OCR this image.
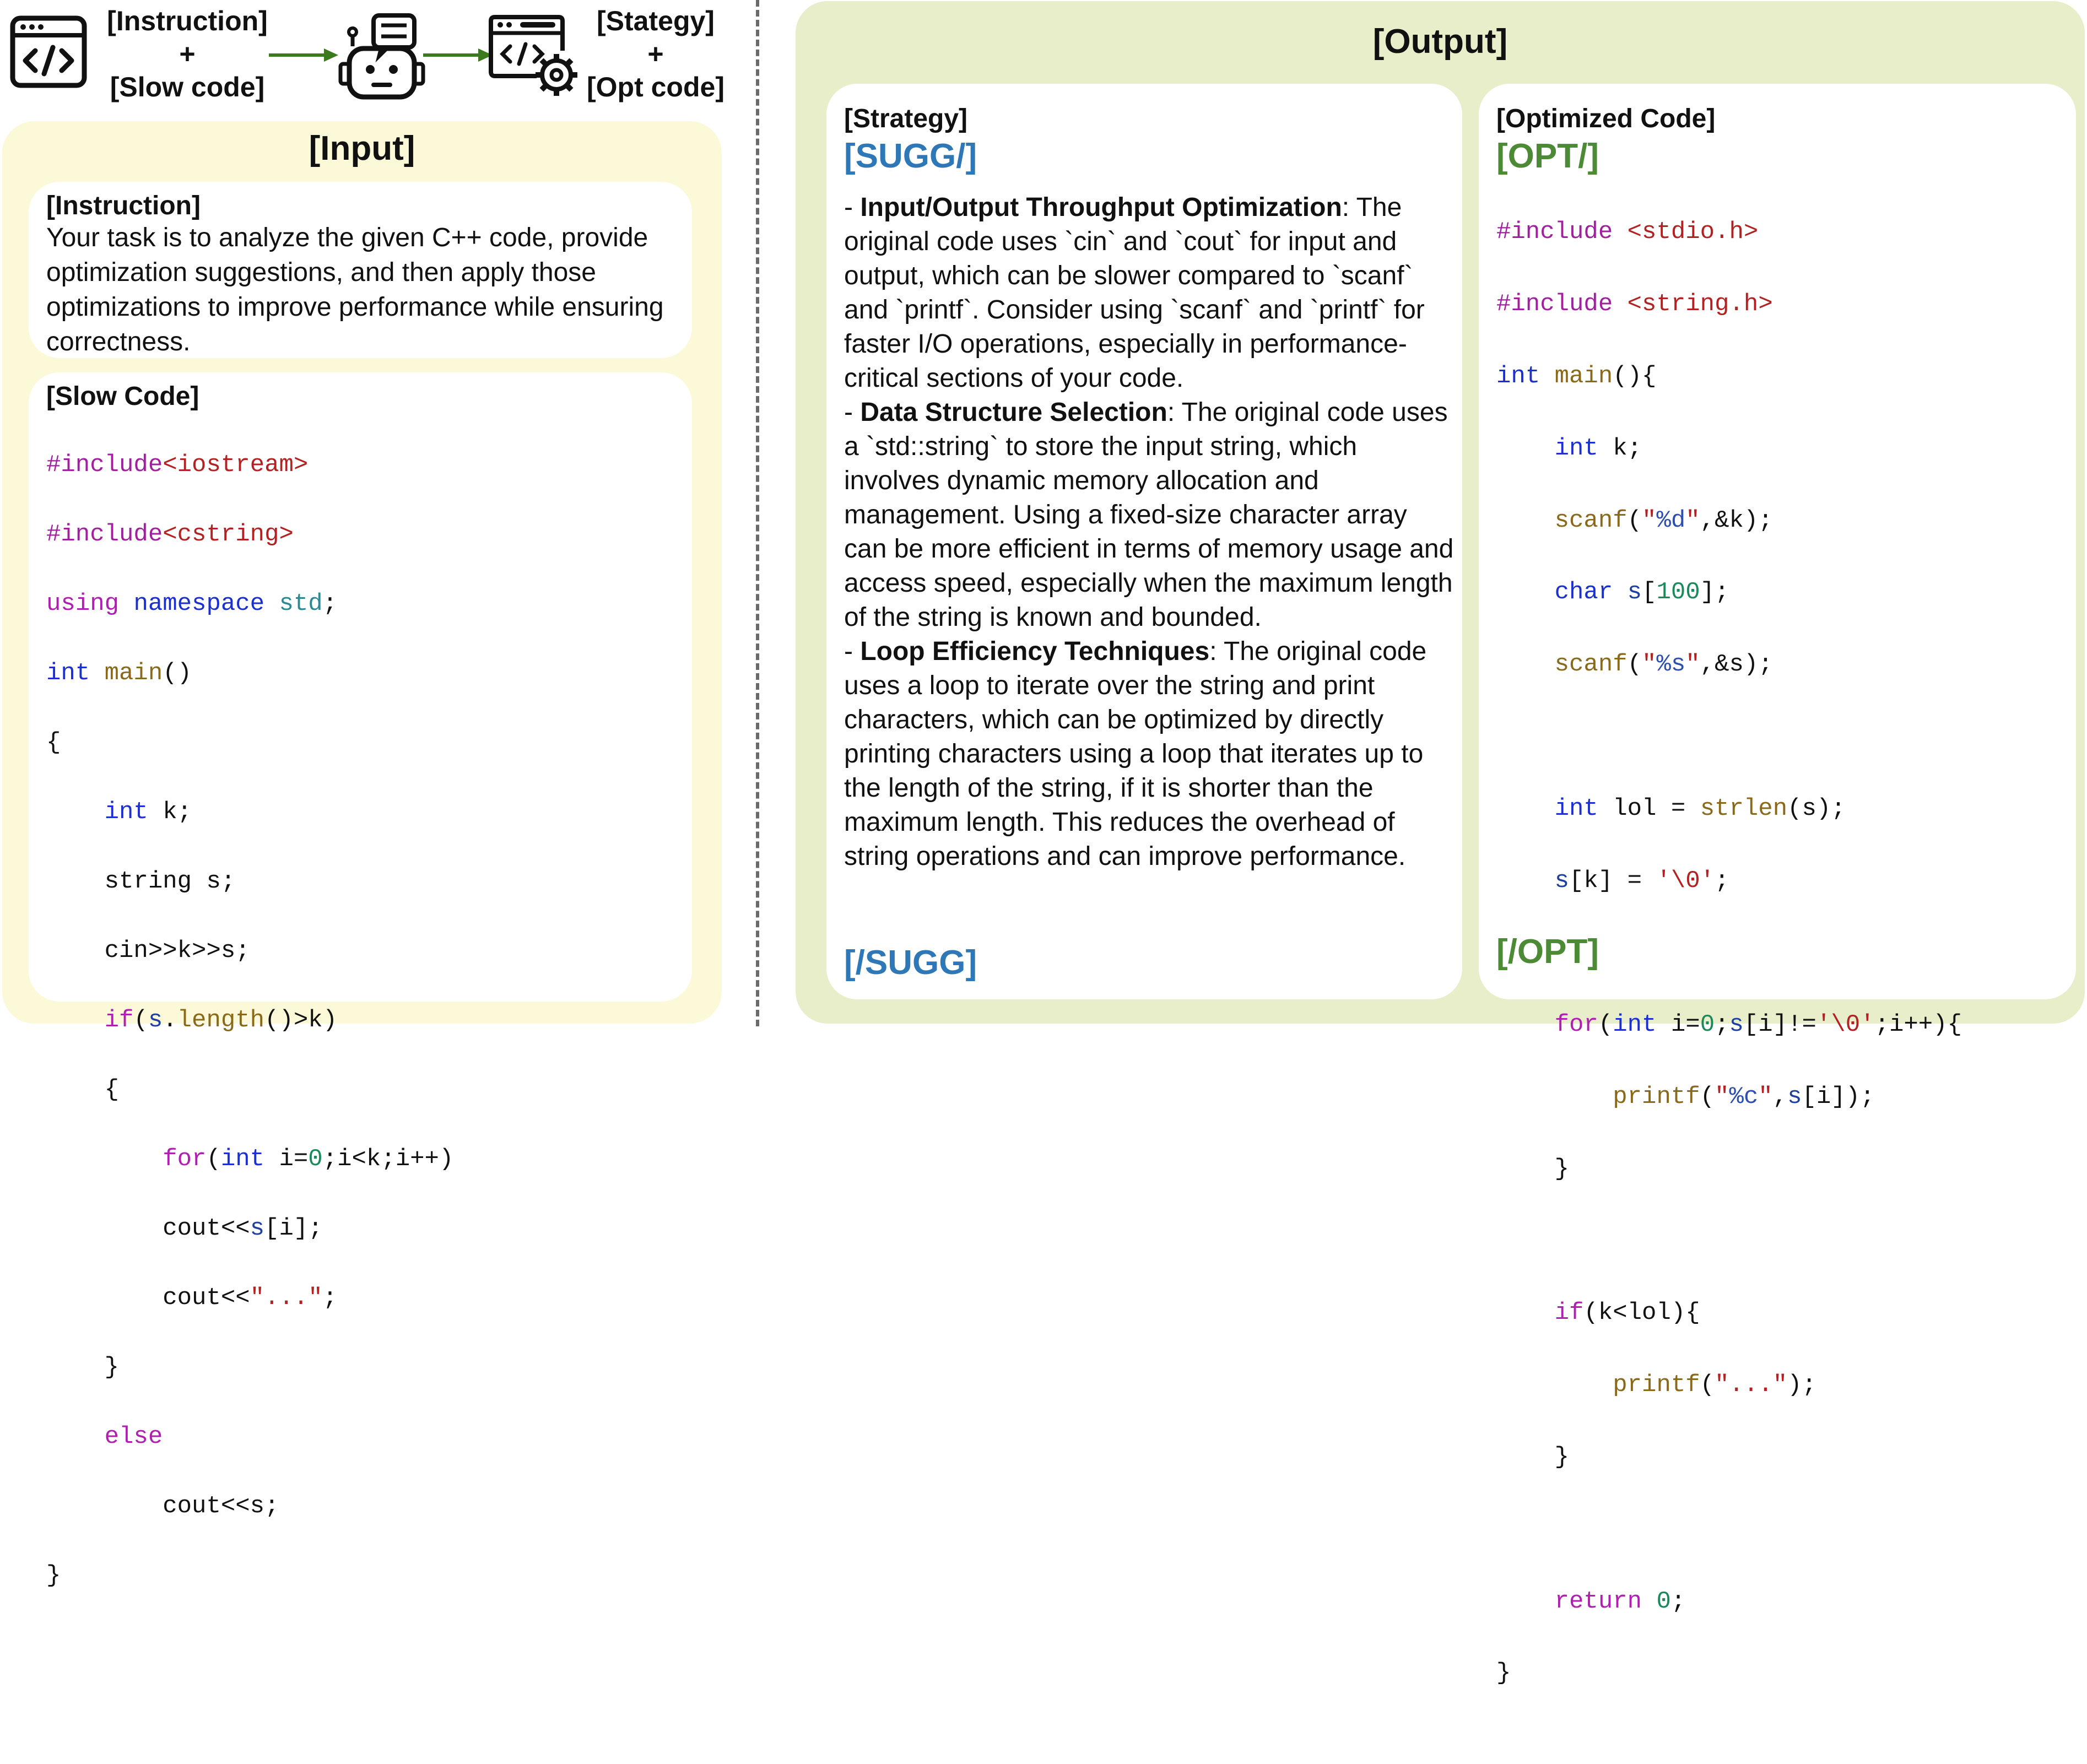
[Instruction]
+
[Slow code]
[Stategy]
+
[Opt code]
[Input]
[Instruction]
Your task is to analyze the given C++ code, provide optimization suggestions, and then apply those optimizations to improve performance while ensuring correctness.
[Slow Code]

#include<iostream>

#include<cstring>

using namespace std;

int main()

{

int k;

string s;

cin>>k>>s;

if(s.length()>k)

{

for(int i=0;i<k;i++)

cout<<s[i];

cout<<"...";

}

else

cout<<s;

}

[Output]
[Strategy]
[SUGG/]

- Input/Output Throughput Optimization: The original code uses `cin` and `cout` for input and output, which can be slower compared to `scanf` and `printf`. Consider using `scanf` and `printf` for faster I/O operations, especially in performance-critical sections of your code.

- Data Structure Selection: The original code uses a `std::string` to store the input string, which involves dynamic memory allocation and management. Using a fixed-size character array can be more efficient in terms of memory usage and access speed, especially when the maximum length of the string is known and bounded.

- Loop Efficiency Techniques: The original code uses a loop to iterate over the string and print characters, which can be optimized by directly printing characters using a loop that iterates up to the length of the string, if it is shorter than the maximum length. This reduces the overhead of string operations and can improve performance.

[/SUGG]
[Optimized Code]
[OPT/]

#include <stdio.h>

#include <string.h>

int main(){

int k;

scanf("%d",&k);

char s[100];

scanf("%s",&s);

int lol = strlen(s);

s[k] = '\0';

for(int i=0;s[i]!='\0';i++){

printf("%c",s[i]);

}

if(k<lol){

printf("...");

}

return 0;

}

[/OPT]
